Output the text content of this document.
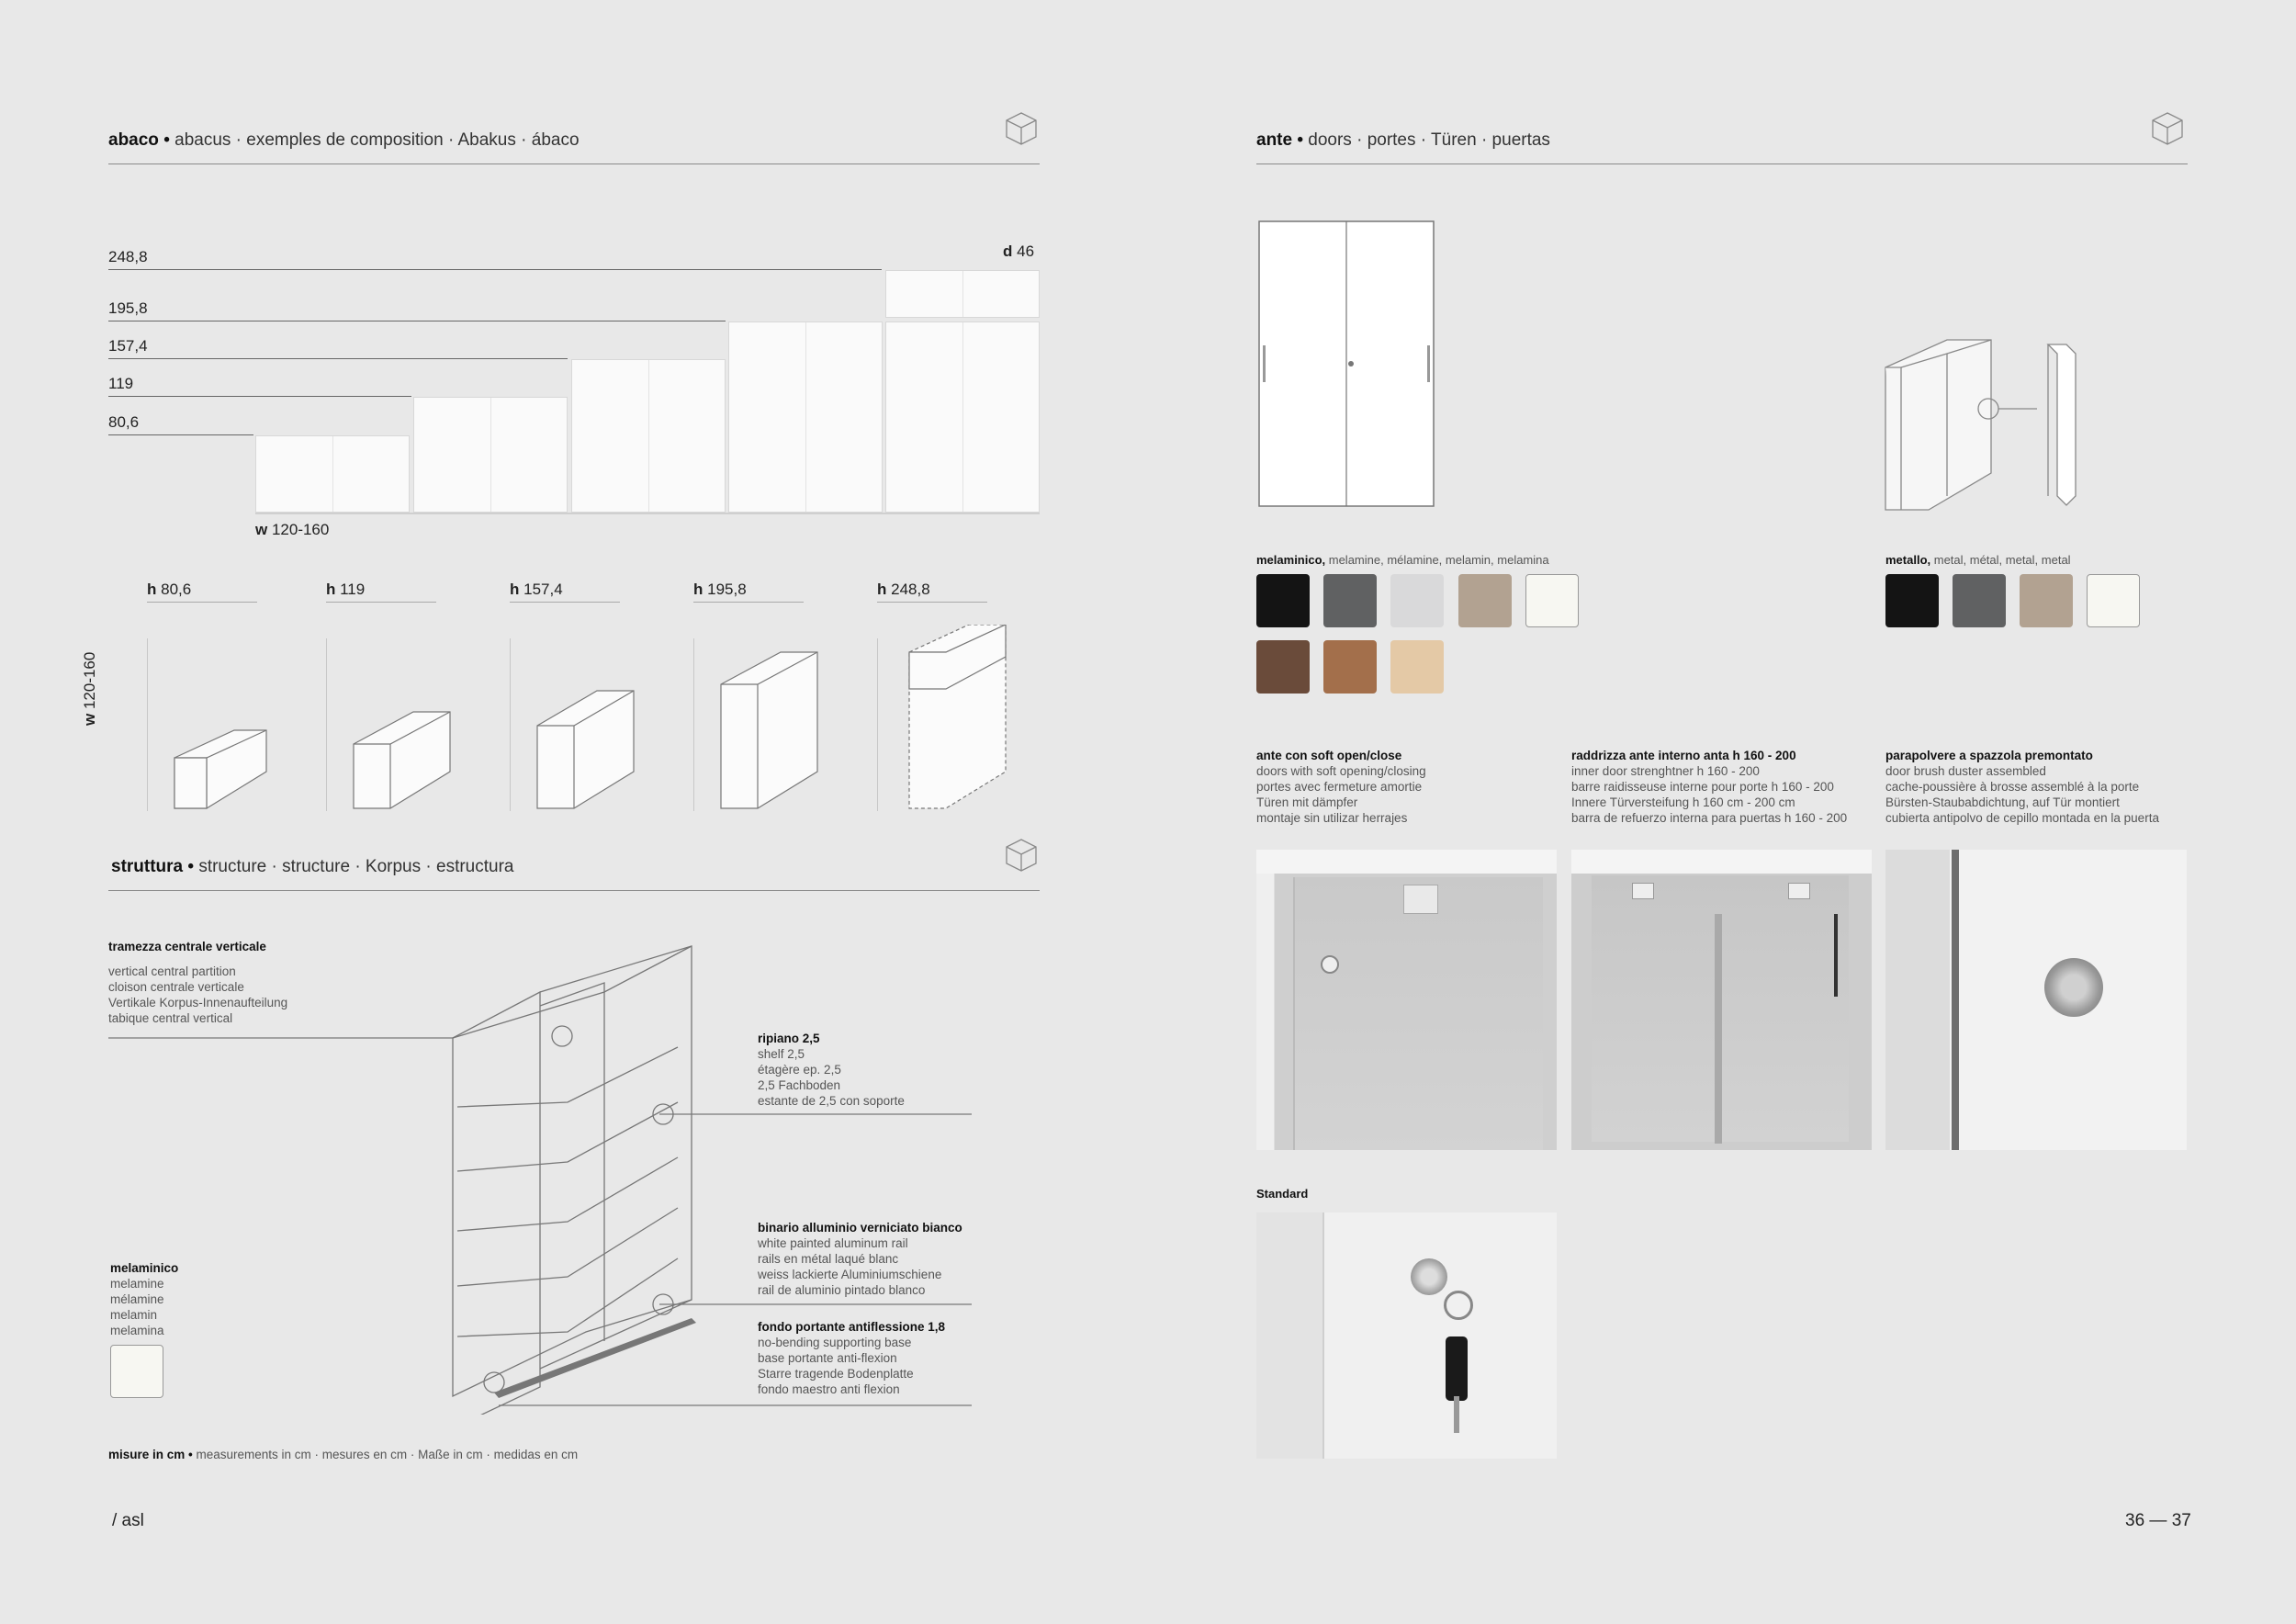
abaco • abacus · exemples de composition · Abakus · ábaco
248,8
195,8
157,4
119
80,6
d 46
w 120-160
h 80,6	h 119	h 157,4	h 195,8	h 248,8
w 120-160
struttura • structure · structure · Korpus · estructura
tramezza centrale verticale
vertical central partition
cloison centrale verticale
Vertikale Korpus-Innenaufteilung
tabique central vertical
ripiano 2,5
shelf 2,5
étagère ep. 2,5
2,5 Fachboden
estante de 2,5 con soporte
binario alluminio verniciato bianco
white painted aluminum rail
rails en métal laqué blanc
weiss lackierte Aluminiumschiene
rail de aluminio pintado blanco
fondo portante antiflessione 1,8
no-bending supporting base
base portante anti-flexion
Starre tragende Bodenplatte
fondo maestro anti flexion
melaminico
melamine
mélamine
melamin
melamina
misure in cm • measurements in cm · mesures en cm · Maße in cm · medidas en cm
/ asl
ante • doors · portes · Türen · puertas
melaminico, melamine, mélamine, melamin, melamina	metallo, metal, métal, metal, metal
ante con soft open/close
doors with soft opening/closing
portes avec fermeture amortie
Türen mit dämpfer
montaje sin utilizar herrajes
raddrizza ante interno anta h 160 - 200
inner door strenghtner h 160 - 200
barre raidisseuse interne pour porte h 160 - 200
Innere Türversteifung h 160 cm - 200 cm
barra de refuerzo interna para puertas h 160 - 200
parapolvere a spazzola premontato
door brush duster assembled
cache-poussière à brosse assemblé à la porte
Bürsten-Staubabdichtung, auf Tür montiert
cubierta antipolvo de cepillo montada en la puerta
Standard
36 — 37
